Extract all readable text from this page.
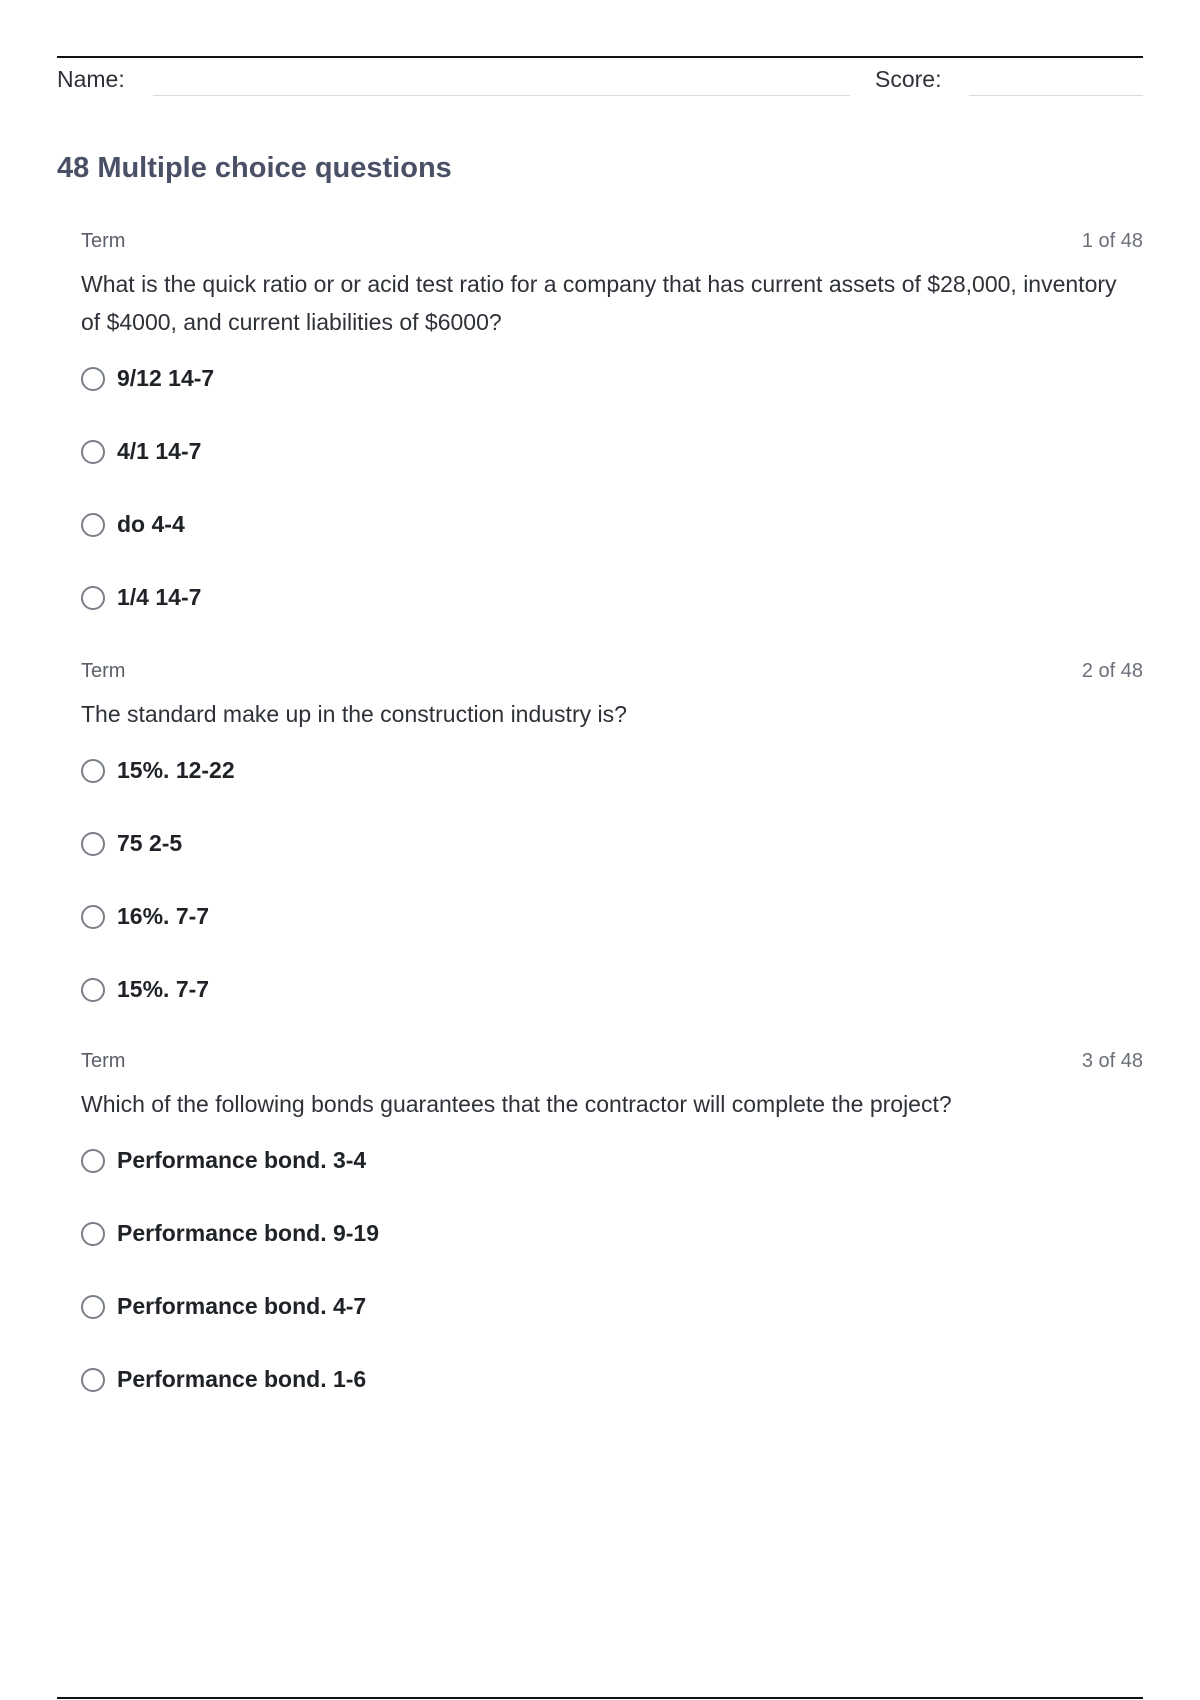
Name:	Score:
48 Multiple choice questions
Term	1 of 48
What is the quick ratio or or acid test ratio for a company that has current assets of $28,000, inventory of $4000, and current liabilities of $6000?
9/12 14-7
4/1 14-7
do 4-4
1/4 14-7
Term	2 of 48
The standard make up in the construction industry is?
15%. 12-22
75 2-5
16%. 7-7
15%. 7-7
Term	3 of 48
Which of the following bonds guarantees that the contractor will complete the project?
Performance bond. 3-4
Performance bond. 9-19
Performance bond. 4-7
Performance bond. 1-6
